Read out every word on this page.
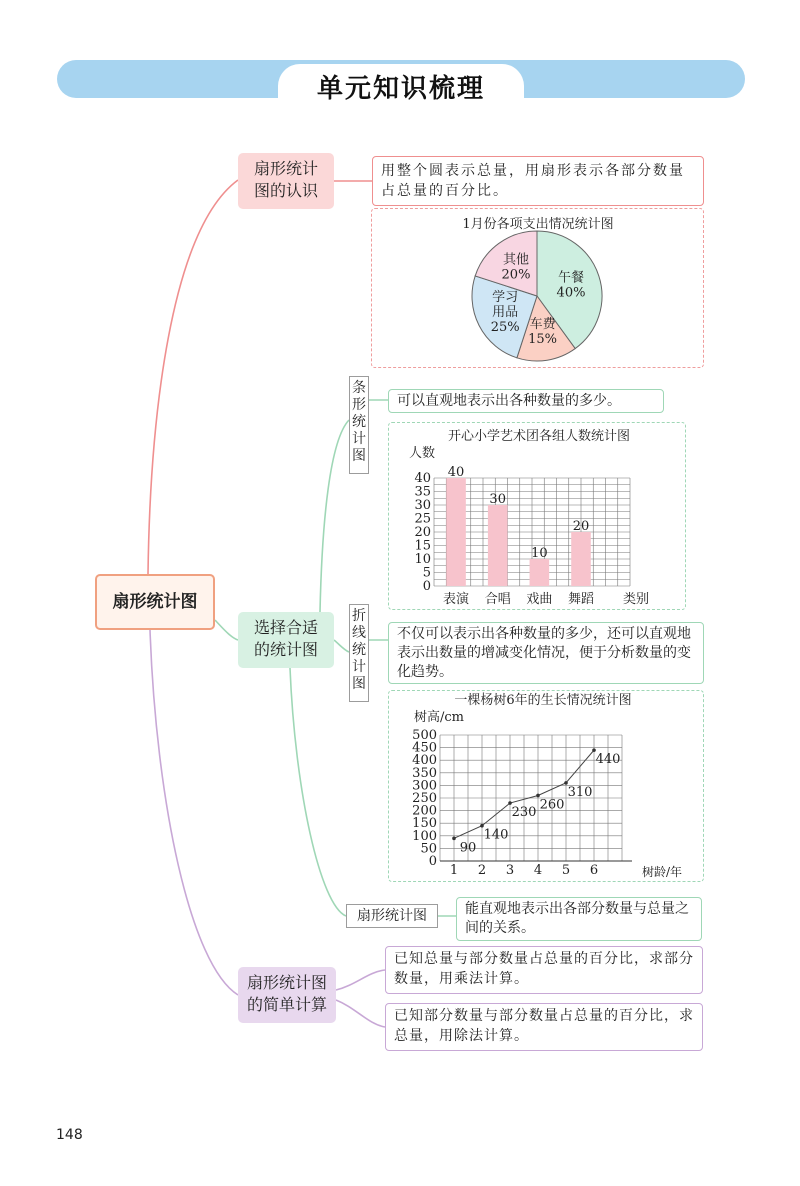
单元知识梳理
扇形统计图
扇形统计
图的认识
选择合适
的统计图
扇形统计图
的简单计算
条形统计图
折线统计图
扇形统计图
用整个圆表示总量，用扇形表示各部分数量占总量的百分比。
可以直观地表示出各种数量的多少。
不仅可以表示出各种数量的多少，还可以直观地表示出数量的增减变化情况，便于分析数量的变化趋势。
能直观地表示出各部分数量与总量之间的关系。
已知总量与部分数量占总量的百分比，求部分数量，用乘法计算。
已知部分数量与部分数量占总量的百分比，求总量，用除法计算。
1月份各项支出情况统计图
午餐
40%
车费
15%
学习
用品
25%
其他
20%
开心小学艺术团各组人数统计图
人数
0
5
10
15
20
25
30
35
40 40
表演
30
合唱
10
戏曲
20
舞蹈 类别
一棵杨树6年的生长情况统计图
树高/cm
0
50
100
150
200
250
300
350
400
450
500
90
1
140
2
230
3
260
4
310
5
440
6	树龄/年
148
